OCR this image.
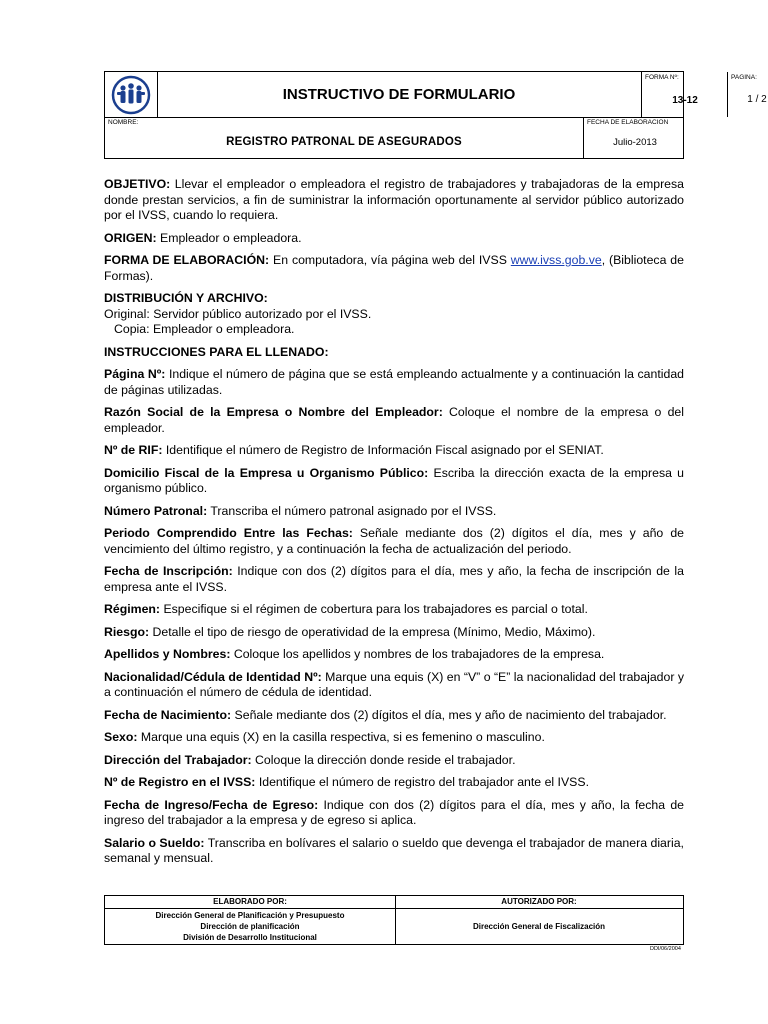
INSTRUCTIVO DE FORMULARIO
FORMA Nº:
13-12
PAGINA:
1 / 2
NOMBRE:
REGISTRO PATRONAL DE ASEGURADOS
FECHA DE ELABORACION
Julio-2013

OBJETIVO: Llevar el empleador o empleadora el registro de trabajadores y trabajadoras de la empresa donde prestan servicios, a fin de suministrar la información oportunamente al servidor público autorizado por el IVSS, cuando lo requiera.

ORIGEN: Empleador o empleadora.

FORMA DE ELABORACIÓN: En computadora, vía página web del IVSS www.ivss.gob.ve, (Biblioteca de Formas).

DISTRIBUCIÓN Y ARCHIVO:
Original: Servidor público autorizado por el IVSS.
Copia: Empleador o empleadora.

INSTRUCCIONES PARA EL LLENADO:

Página Nº: Indique el número de página que se está empleando actualmente y a continuación la cantidad de páginas utilizadas.

Razón Social de la Empresa o Nombre del Empleador: Coloque el nombre de la empresa o del empleador.

Nº de RIF: Identifique el número de Registro de Información Fiscal asignado por el SENIAT.

Domicilio Fiscal de la Empresa u Organismo Público: Escriba la dirección exacta de la empresa u organismo público.

Número Patronal: Transcriba el número patronal asignado por el IVSS.

Periodo Comprendido Entre las Fechas: Señale mediante dos (2) dígitos el día, mes y año de vencimiento del último registro, y a continuación la fecha de actualización del periodo.

Fecha de Inscripción: Indique con dos (2) dígitos para el día, mes y año, la fecha de inscripción de la empresa ante el IVSS.

Régimen: Especifique si el régimen de cobertura para los trabajadores es parcial o total.

Riesgo: Detalle el tipo de riesgo de operatividad de la empresa (Mínimo, Medio, Máximo).

Apellidos y Nombres: Coloque los apellidos y nombres de los trabajadores de la empresa.

Nacionalidad/Cédula de Identidad Nº: Marque una equis (X) en “V” o “E” la nacionalidad del trabajador y a continuación el número de cédula de identidad.

Fecha de Nacimiento: Señale mediante dos (2) dígitos el día, mes y año de nacimiento del trabajador.

Sexo: Marque una equis (X) en la casilla respectiva, si es femenino o masculino.

Dirección del Trabajador: Coloque la dirección donde reside el trabajador.

Nº de Registro en el IVSS: Identifique el número de registro del trabajador ante el IVSS.

Fecha de Ingreso/Fecha de Egreso: Indique con dos (2) dígitos para el día, mes y año, la fecha de ingreso del trabajador a la empresa y de egreso si aplica.

Salario o Sueldo: Transcriba en bolívares el salario o sueldo que devenga el trabajador de manera diaria, semanal y mensual.

ELABORADO POR:
Dirección General de Planificación y Presupuesto
Dirección de planificación
División de Desarrollo Institucional
AUTORIZADO POR:
Dirección General de Fiscalización
DDI/06/2004
